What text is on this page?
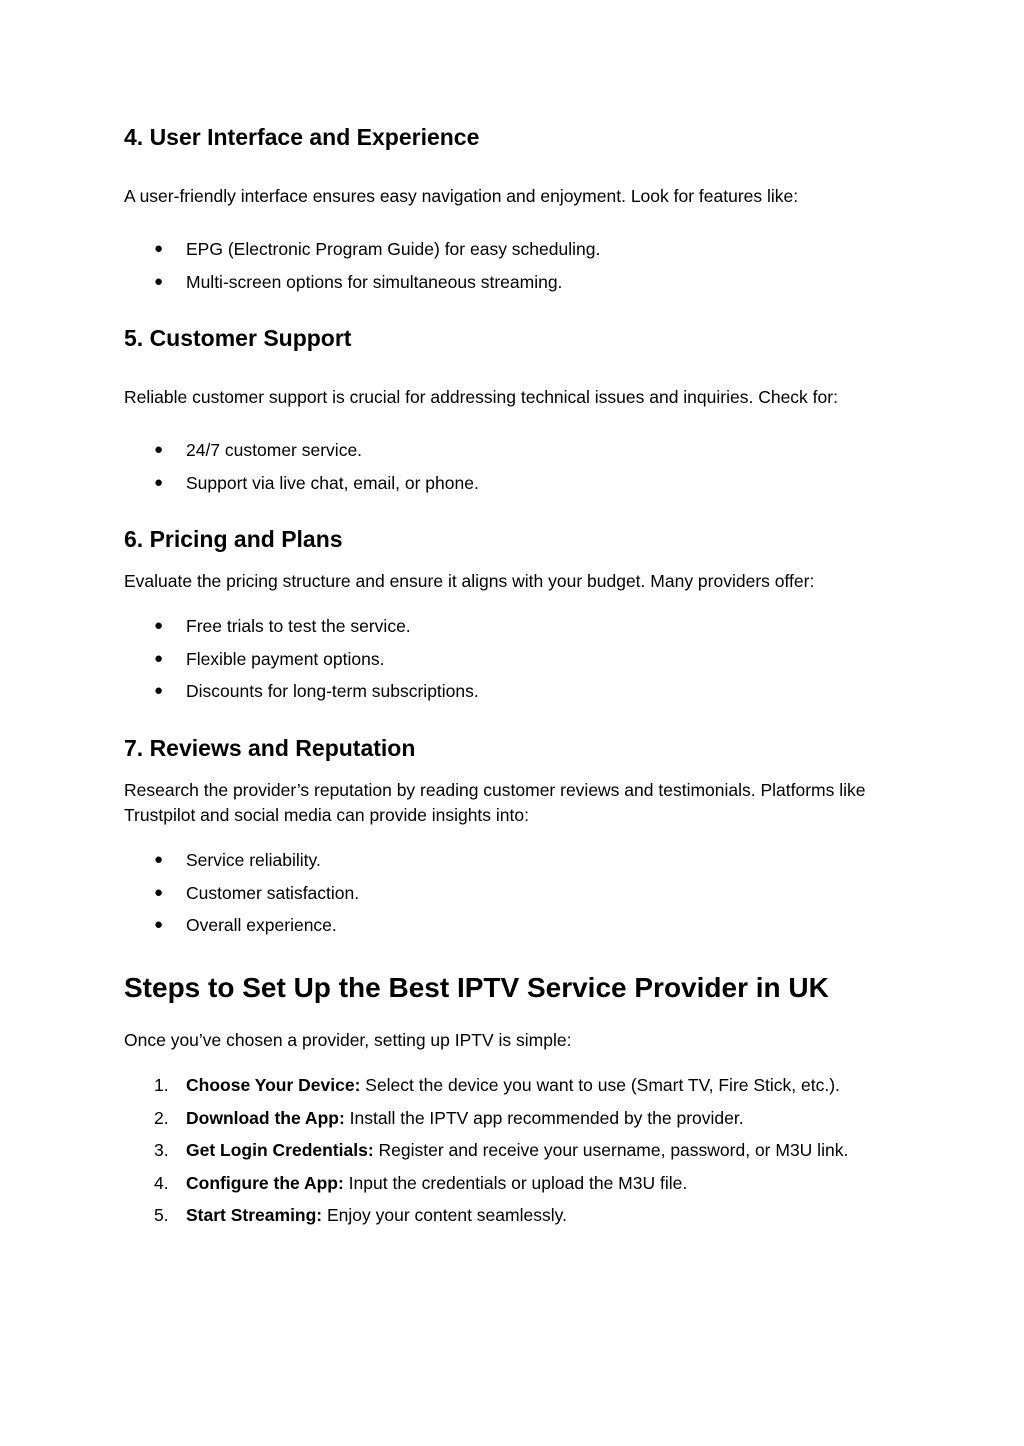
4. User Interface and Experience

A user-friendly interface ensures easy navigation and enjoyment. Look for features like:

● EPG (Electronic Program Guide) for easy scheduling.
● Multi-screen options for simultaneous streaming.
5. Customer Support

Reliable customer support is crucial for addressing technical issues and inquiries. Check for:

● 24/7 customer service.
● Support via live chat, email, or phone.
6. Pricing and Plans

Evaluate the pricing structure and ensure it aligns with your budget. Many providers offer:

● Free trials to test the service.
● Flexible payment options.
● Discounts for long-term subscriptions.
7. Reviews and Reputation

Research the provider’s reputation by reading customer reviews and testimonials. Platforms like Trustpilot and social media can provide insights into:

● Service reliability.
● Customer satisfaction.
● Overall experience.
Steps to Set Up the Best IPTV Service Provider in UK

Once you’ve chosen a provider, setting up IPTV is simple:

1. Choose Your Device: Select the device you want to use (Smart TV, Fire Stick, etc.).
2. Download the App: Install the IPTV app recommended by the provider.
3. Get Login Credentials: Register and receive your username, password, or M3U link.
4. Configure the App: Input the credentials or upload the M3U file.
5. Start Streaming: Enjoy your content seamlessly.
